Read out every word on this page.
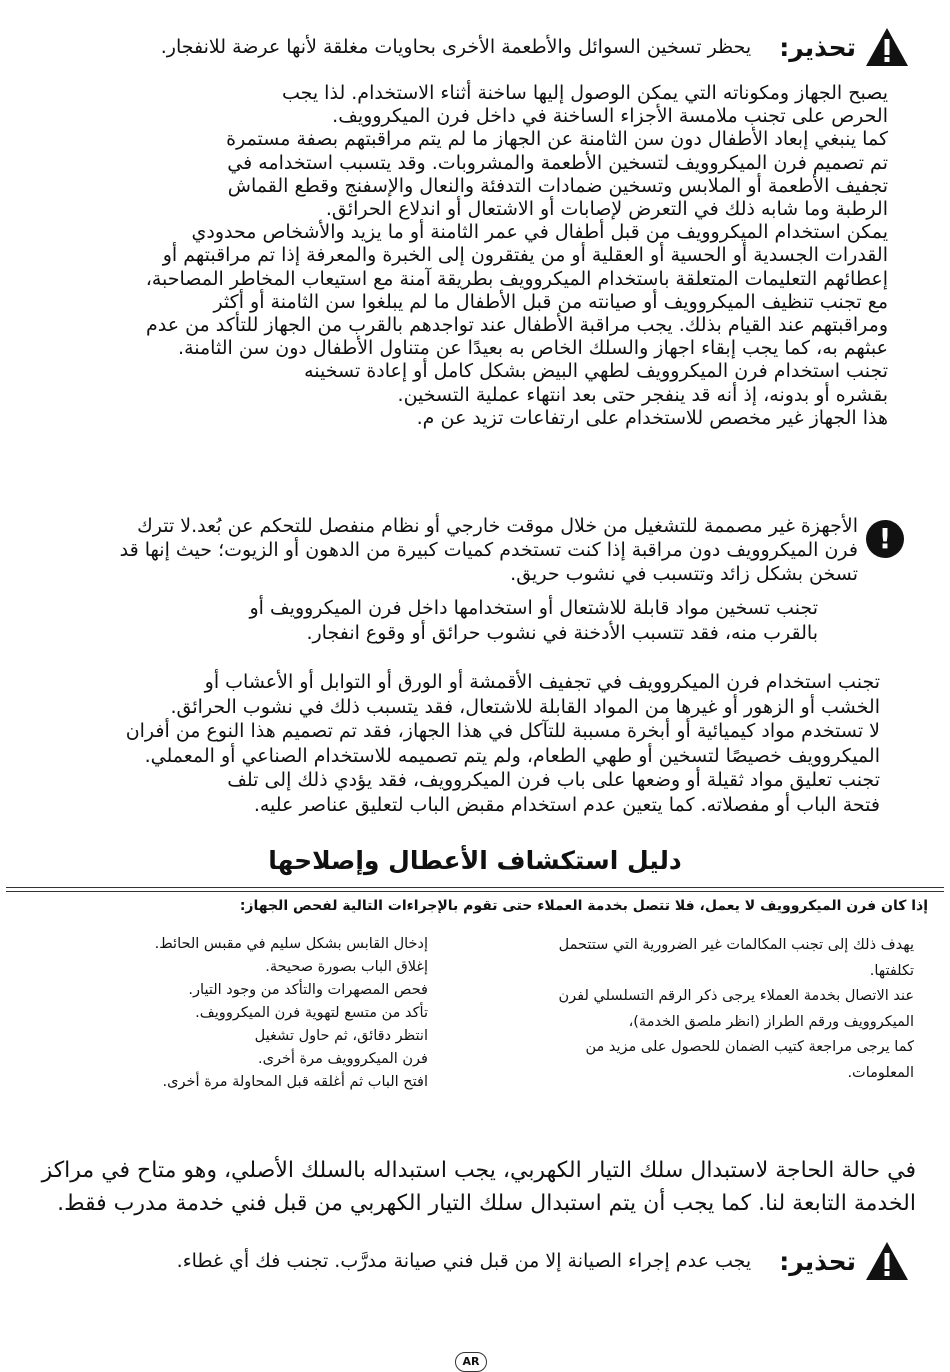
تحذير:
يحظر تسخين السوائل والأطعمة الأخرى بحاويات مغلقة لأنها عرضة للانفجار.

يصبح الجهاز ومكوناته التي يمكن الوصول إليها ساخنة أثناء الاستخدام. لذا يجب

الحرص على تجنب ملامسة الأجزاء الساخنة في داخل فرن الميكروويف.

كما ينبغي إبعاد الأطفال دون سن الثامنة عن الجهاز ما لم يتم مراقبتهم بصفة مستمرة

تم تصميم فرن الميكروويف لتسخين الأطعمة والمشروبات. وقد يتسبب استخدامه في

تجفيف الأطعمة أو الملابس وتسخين ضمادات التدفئة والنعال والإسفنج وقطع القماش

الرطبة وما شابه ذلك في التعرض لإصابات أو الاشتعال أو اندلاع الحرائق.

يمكن استخدام الميكروويف من قبل أطفال في عمر الثامنة أو ما يزيد والأشخاص محدودي

القدرات الجسدية أو الحسية أو العقلية أو من يفتقرون إلى الخبرة والمعرفة إذا تم مراقبتهم أو

إعطائهم التعليمات المتعلقة باستخدام الميكروويف بطريقة آمنة مع استيعاب المخاطر المصاحبة،

مع تجنب تنظيف الميكروويف أو صيانته من قبل الأطفال ما لم يبلغوا سن الثامنة أو أكثر

ومراقبتهم عند القيام بذلك. يجب مراقبة الأطفال عند تواجدهم بالقرب من الجهاز للتأكد من عدم

عبثهم به، كما يجب إبقاء اجهاز والسلك الخاص به بعيدًا عن متناول الأطفال دون سن الثامنة.

تجنب استخدام فرن الميكروويف لطهي البيض بشكل كامل أو إعادة تسخينه

بقشره أو بدونه، إذ أنه قد ينفجر حتى بعد انتهاء عملية التسخين.

هذا الجهاز غير مخصص للاستخدام على ارتفاعات تزيد عن م.

!

الأجهزة غير مصممة للتشغيل من خلال موقت خارجي أو نظام منفصل للتحكم عن بُعد.لا تترك

فرن الميكروويف دون مراقبة إذا كنت تستخدم كميات كبيرة من الدهون أو الزيوت؛ حيث إنها قد

تسخن بشكل زائد وتتسبب في نشوب حريق.

تجنب تسخين مواد قابلة للاشتعال أو استخدامها داخل فرن الميكروويف أو

بالقرب منه، فقد تتسبب الأدخنة في نشوب حرائق أو وقوع انفجار.

تجنب استخدام فرن الميكروويف في تجفيف الأقمشة أو الورق أو التوابل أو الأعشاب أو

الخشب أو الزهور أو غيرها من المواد القابلة للاشتعال، فقد يتسبب ذلك في نشوب الحرائق.

لا تستخدم مواد كيميائية أو أبخرة مسببة للتآكل في هذا الجهاز، فقد تم تصميم هذا النوع من أفران

الميكروويف خصيصًا لتسخين أو طهي الطعام، ولم يتم تصميمه للاستخدام الصناعي أو المعملي.

تجنب تعليق مواد ثقيلة أو وضعها على باب فرن الميكروويف، فقد يؤدي ذلك إلى تلف

فتحة الباب أو مفصلاته. كما يتعين عدم استخدام مقبض الباب لتعليق عناصر عليه.

دليل استكشاف الأعطال وإصلاحها
إذا كان فرن الميكروويف لا يعمل، فلا تتصل بخدمة العملاء حتى تقوم بالإجراءات التالية لفحص الجهاز:

يهدف ذلك إلى تجنب المكالمات غير الضرورية التي ستتحمل

تكلفتها.

عند الاتصال بخدمة العملاء يرجى ذكر الرقم التسلسلي لفرن

الميكروويف ورقم الطراز (انظر ملصق الخدمة)،

كما يرجى مراجعة كتيب الضمان للحصول على مزيد من

المعلومات.

إدخال القابس بشكل سليم في مقبس الحائط.

إغلاق الباب بصورة صحيحة.

فحص المصهرات والتأكد من وجود التيار.

تأكد من متسع لتهوية فرن الميكروويف.

انتظر دقائق، ثم حاول تشغيل

فرن الميكروويف مرة أخرى.

افتح الباب ثم أغلقه قبل المحاولة مرة أخرى.

في حالة الحاجة لاستبدال سلك التيار الكهربي، يجب استبداله بالسلك الأصلي، وهو متاح في مراكز

الخدمة التابعة لنا. كما يجب أن يتم استبدال سلك التيار الكهربي من قبل فني خدمة مدرب فقط.

تحذير:
يجب عدم إجراء الصيانة إلا من قبل فني صيانة مدرَّب. تجنب فك أي غطاء.
AR
